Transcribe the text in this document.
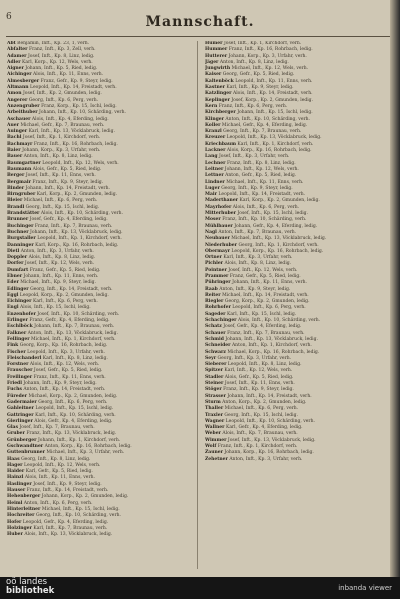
6	Mannschaft.
Abt Benjamin, Inft., Kp. 23, 1, verh.
Abfalter Franz, Inft., Kp. 3, Zell, verh.
Adamer Josef, Inft., Kp. 8, Linz, ledig.
Adler Karl, Korp., Kp. 12, Wels, verh.
Aigner Johann, Inft., Kp. 5, Ried, ledig.
Aichinger Alois, Inft., Kp. 11, Enns, verh.
Almesberger Franz, Gefr., Kp. 9, Steyr, ledig.
Altmann Leopold, Inft., Kp. 14, Freistadt, verh.
Amon Josef, Inft., Kp. 2, Gmunden, ledig.
Angerer Georg, Inft., Kp. 6, Perg, verh.
Anzengruber Franz, Korp., Kp. 15, Ischl, ledig.
Arbeithuber Johann, Inft., Kp. 10, Schärding, verh.
Aschauer Alois, Inft., Kp. 4, Eferding, ledig.
Auer Michael, Gefr., Kp. 7, Braunau, verh.
Auinger Karl, Inft., Kp. 13, Vöcklabruck, ledig.
Bachl Josef, Inft., Kp. 1, Kirchdorf, verh.
Bachmayr Franz, Inft., Kp. 16, Rohrbach, ledig.
Baier Johann, Korp., Kp. 3, Urfahr, verh.
Bauer Anton, Inft., Kp. 8, Linz, ledig.
Baumgartner Leopold, Inft., Kp. 12, Wels, verh.
Baumann Alois, Gefr., Kp. 5, Ried, ledig.
Berger Josef, Inft., Kp. 11, Enns, verh.
Bergmair Franz, Inft., Kp. 9, Steyr, ledig.
Binder Johann, Inft., Kp. 14, Freistadt, verh.
Birngruber Karl, Korp., Kp. 2, Gmunden, ledig.
Bleier Michael, Inft., Kp. 6, Perg, verh.
Brandl Georg, Inft., Kp. 15, Ischl, ledig.
Brandstätter Alois, Inft., Kp. 10, Schärding, verh.
Brunner Josef, Gefr., Kp. 4, Eferding, ledig.
Buchinger Franz, Inft., Kp. 7, Braunau, verh.
Buchner Johann, Inft., Kp. 13, Vöcklabruck, ledig.
Burgstaller Leopold, Inft., Kp. 1, Kirchdorf, verh.
Danninger Karl, Korp., Kp. 16, Rohrbach, ledig.
Dietl Anton, Inft., Kp. 3, Urfahr, verh.
Doppler Alois, Inft., Kp. 8, Linz, ledig.
Dorfer Josef, Inft., Kp. 12, Wels, verh.
Dumfart Franz, Gefr., Kp. 5, Ried, ledig.
Ebner Johann, Inft., Kp. 11, Enns, verh.
Eder Michael, Inft., Kp. 9, Steyr, ledig.
Edlinger Georg, Inft., Kp. 14, Freistadt, verh.
Eggl Leopold, Korp., Kp. 2, Gmunden, ledig.
Eichinger Karl, Inft., Kp. 6, Perg, verh.
Engl Alois, Inft., Kp. 15, Ischl, ledig.
Enzenhofer Josef, Inft., Kp. 10, Schärding, verh.
Erlinger Franz, Gefr., Kp. 4, Eferding, ledig.
Eschlböck Johann, Inft., Kp. 7, Braunau, verh.
Falkner Anton, Inft., Kp. 13, Vöcklabruck, ledig.
Fellinger Michael, Inft., Kp. 1, Kirchdorf, verh.
Fink Georg, Korp., Kp. 16, Rohrbach, ledig.
Fischer Leopold, Inft., Kp. 3, Urfahr, verh.
Fleischanderl Karl, Inft., Kp. 8, Linz, ledig.
Forstner Alois, Inft., Kp. 12, Wels, verh.
Frauscher Josef, Gefr., Kp. 5, Ried, ledig.
Freilinger Franz, Inft., Kp. 11, Enns, verh.
Friedl Johann, Inft., Kp. 9, Steyr, ledig.
Fuchs Anton, Inft., Kp. 14, Freistadt, verh.
Füreder Michael, Korp., Kp. 2, Gmunden, ledig.
Gadermaier Georg, Inft., Kp. 6, Perg, verh.
Gahleitner Leopold, Inft., Kp. 15, Ischl, ledig.
Gattringer Karl, Inft., Kp. 10, Schärding, verh.
Gierlinger Alois, Gefr., Kp. 4, Eferding, ledig.
Glas Josef, Inft., Kp. 7, Braunau, verh.
Gruber Franz, Inft., Kp. 13, Vöcklabruck, ledig.
Grünberger Johann, Inft., Kp. 1, Kirchdorf, verh.
Gschwandtner Anton, Korp., Kp. 16, Rohrbach, ledig.
Guttenbrunner Michael, Inft., Kp. 3, Urfahr, verh.
Haas Georg, Inft., Kp. 8, Linz, ledig.
Hager Leopold, Inft., Kp. 12, Wels, verh.
Haider Karl, Gefr., Kp. 5, Ried, ledig.
Hainzl Alois, Inft., Kp. 11, Enns, verh.
Haslinger Josef, Inft., Kp. 9, Steyr, ledig.
Hauser Franz, Inft., Kp. 14, Freistadt, verh.
Hehenberger Johann, Korp., Kp. 2, Gmunden, ledig.
Heiml Anton, Inft., Kp. 6, Perg, verh.
Hinterleitner Michael, Inft., Kp. 15, Ischl, ledig.
Hochreiter Georg, Inft., Kp. 10, Schärding, verh.
Hofer Leopold, Gefr., Kp. 4, Eferding, ledig.
Holzinger Karl, Inft., Kp. 7, Braunau, verh.
Huber Alois, Inft., Kp. 13, Vöcklabruck, ledig.
Humer Josef, Inft., Kp. 1, Kirchdorf, verh.
Hummer Franz, Inft., Kp. 16, Rohrbach, ledig.
Hutterer Johann, Korp., Kp. 3, Urfahr, verh.
Jäger Anton, Inft., Kp. 8, Linz, ledig.
Jungwirth Michael, Inft., Kp. 12, Wels, verh.
Kaiser Georg, Gefr., Kp. 5, Ried, ledig.
Kaltenböck Leopold, Inft., Kp. 11, Enns, verh.
Kastner Karl, Inft., Kp. 9, Steyr, ledig.
Katzlinger Alois, Inft., Kp. 14, Freistadt, verh.
Keplinger Josef, Korp., Kp. 2, Gmunden, ledig.
Kern Franz, Inft., Kp. 6, Perg, verh.
Kirchberger Johann, Inft., Kp. 15, Ischl, ledig.
Klinger Anton, Inft., Kp. 10, Schärding, verh.
Koller Michael, Gefr., Kp. 4, Eferding, ledig.
Kranzl Georg, Inft., Kp. 7, Braunau, verh.
Kreuzer Leopold, Inft., Kp. 13, Vöcklabruck, ledig.
Kriechbaum Karl, Inft., Kp. 1, Kirchdorf, verh.
Lackner Alois, Korp., Kp. 16, Rohrbach, ledig.
Lang Josef, Inft., Kp. 3, Urfahr, verh.
Lechner Franz, Inft., Kp. 8, Linz, ledig.
Leitner Johann, Inft., Kp. 12, Wels, verh.
Lettner Anton, Gefr., Kp. 5, Ried, ledig.
Lindner Michael, Inft., Kp. 11, Enns, verh.
Luger Georg, Inft., Kp. 9, Steyr, ledig.
Mair Leopold, Inft., Kp. 14, Freistadt, verh.
Maderthaner Karl, Korp., Kp. 2, Gmunden, ledig.
Mayrhofer Alois, Inft., Kp. 6, Perg, verh.
Mitterhuber Josef, Inft., Kp. 15, Ischl, ledig.
Moser Franz, Inft., Kp. 10, Schärding, verh.
Mühlbauer Johann, Gefr., Kp. 4, Eferding, ledig.
Nagl Anton, Inft., Kp. 7, Braunau, verh.
Neubauer Michael, Inft., Kp. 13, Vöcklabruck, ledig.
Niederhuber Georg, Inft., Kp. 1, Kirchdorf, verh.
Obermayr Leopold, Korp., Kp. 16, Rohrbach, ledig.
Ortner Karl, Inft., Kp. 3, Urfahr, verh.
Pichler Alois, Inft., Kp. 8, Linz, ledig.
Pointner Josef, Inft., Kp. 12, Wels, verh.
Prammer Franz, Gefr., Kp. 5, Ried, ledig.
Pühringer Johann, Inft., Kp. 11, Enns, verh.
Raab Anton, Inft., Kp. 9, Steyr, ledig.
Reiter Michael, Inft., Kp. 14, Freistadt, verh.
Riegler Georg, Korp., Kp. 2, Gmunden, ledig.
Rohrhofer Leopold, Inft., Kp. 6, Perg, verh.
Sageder Karl, Inft., Kp. 15, Ischl, ledig.
Schachinger Alois, Inft., Kp. 10, Schärding, verh.
Schatz Josef, Gefr., Kp. 4, Eferding, ledig.
Schauer Franz, Inft., Kp. 7, Braunau, verh.
Schmid Johann, Inft., Kp. 13, Vöcklabruck, ledig.
Schneider Anton, Inft., Kp. 1, Kirchdorf, verh.
Schwarz Michael, Korp., Kp. 16, Rohrbach, ledig.
Seyr Georg, Inft., Kp. 3, Urfahr, verh.
Sieberer Leopold, Inft., Kp. 8, Linz, ledig.
Spitzer Karl, Inft., Kp. 12, Wels, verh.
Stadler Alois, Gefr., Kp. 5, Ried, ledig.
Steiner Josef, Inft., Kp. 11, Enns, verh.
Stöger Franz, Inft., Kp. 9, Steyr, ledig.
Strasser Johann, Inft., Kp. 14, Freistadt, verh.
Sturm Anton, Korp., Kp. 2, Gmunden, ledig.
Thaller Michael, Inft., Kp. 6, Perg, verh.
Traxler Georg, Inft., Kp. 15, Ischl, ledig.
Wagner Leopold, Inft., Kp. 10, Schärding, verh.
Wallner Karl, Gefr., Kp. 4, Eferding, ledig.
Weber Alois, Inft., Kp. 7, Braunau, verh.
Wimmer Josef, Inft., Kp. 13, Vöcklabruck, ledig.
Wolf Franz, Inft., Kp. 1, Kirchdorf, verh.
Zauner Johann, Korp., Kp. 16, Rohrbach, ledig.
Zehetner Anton, Inft., Kp. 3, Urfahr, verh.
oö landes
bibliothek	inbanda viewer
